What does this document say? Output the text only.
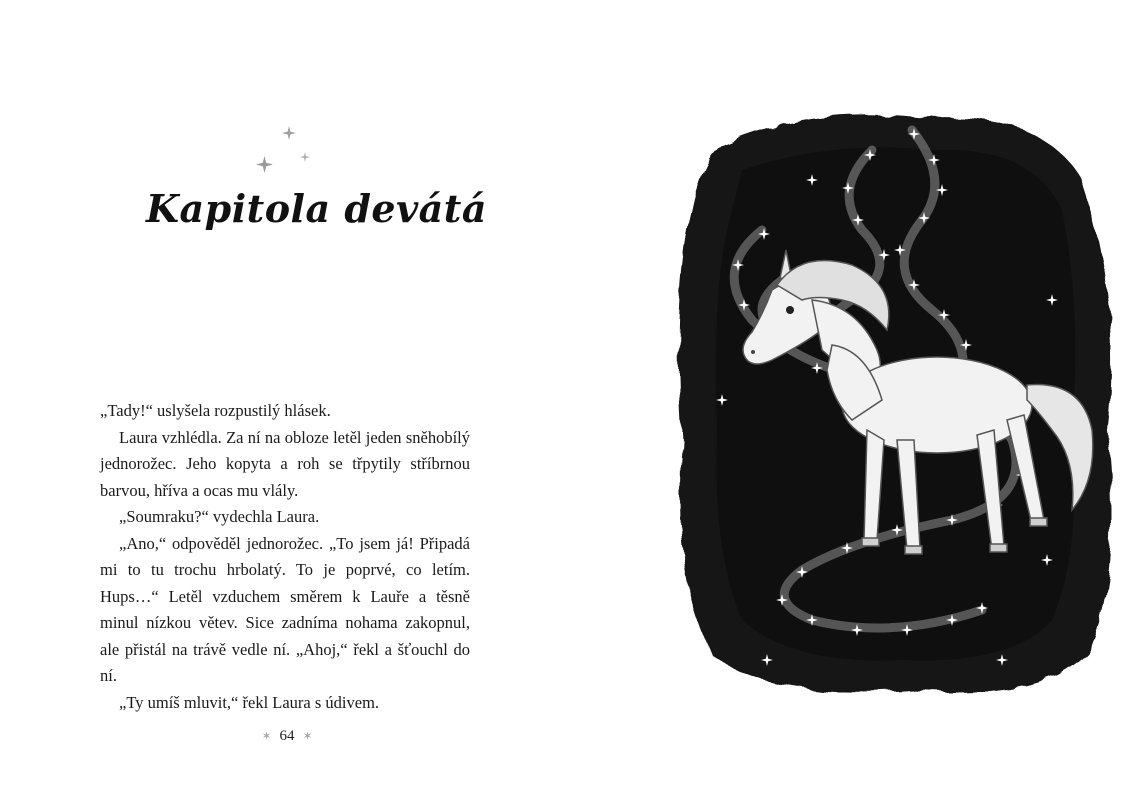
Kapitola devátá

„Tady!“ uslyšela rozpustilý hlásek.

Laura vzhlédla. Za ní na obloze letěl jeden sněhobílý jednorožec. Jeho kopyta a roh se třpytily stříbrnou barvou, hříva a ocas mu vlály.

„Soumraku?“ vydechla Laura.

„Ano,“ odpověděl jednorožec. „To jsem já! Připadá mi to tu trochu hrbolatý. To je poprvé, co letím. Hups…“ Letěl vzduchem směrem k Lauře a těsně minul nízkou větev. Sice zadníma nohama zakopnul, ale přistál na trávě vedle ní. „Ahoj,“ řekl a šťouchl do ní.

„Ty umíš mluvit,“ řekl Laura s údivem.

✶ 64 ✶
